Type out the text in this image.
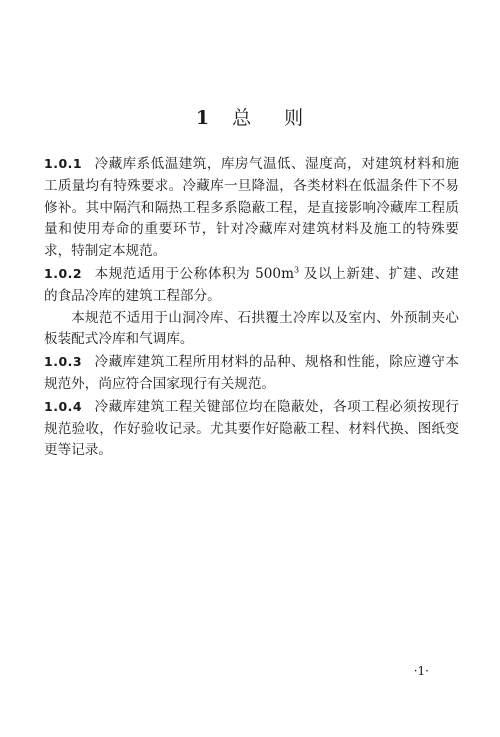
1 总 则

1.0.1 冷藏库系低温建筑，库房气温低、湿度高，对建筑材料和施工质量均有特殊要求。冷藏库一旦降温，各类材料在低温条件下不易修补。其中隔汽和隔热工程多系隐蔽工程，是直接影响冷藏库工程质量和使用寿命的重要环节，针对冷藏库对建筑材料及施工的特殊要求，特制定本规范。

1.0.2 本规范适用于公称体积为 $500m^3$ 及以上新建、扩建、改建的食品冷库的建筑工程部分。

本规范不适用于山洞冷库、石拱覆土冷库以及室内、外预制夹心板装配式冷库和气调库。

1.0.3 冷藏库建筑工程所用材料的品种、规格和性能，除应遵守本规范外，尚应符合国家现行有关规范。

1.0.4 冷藏库建筑工程关键部位均在隐蔽处，各项工程必须按现行规范验收，作好验收记录。尤其要作好隐蔽工程、材料代换、图纸变更等记录。

·1·
